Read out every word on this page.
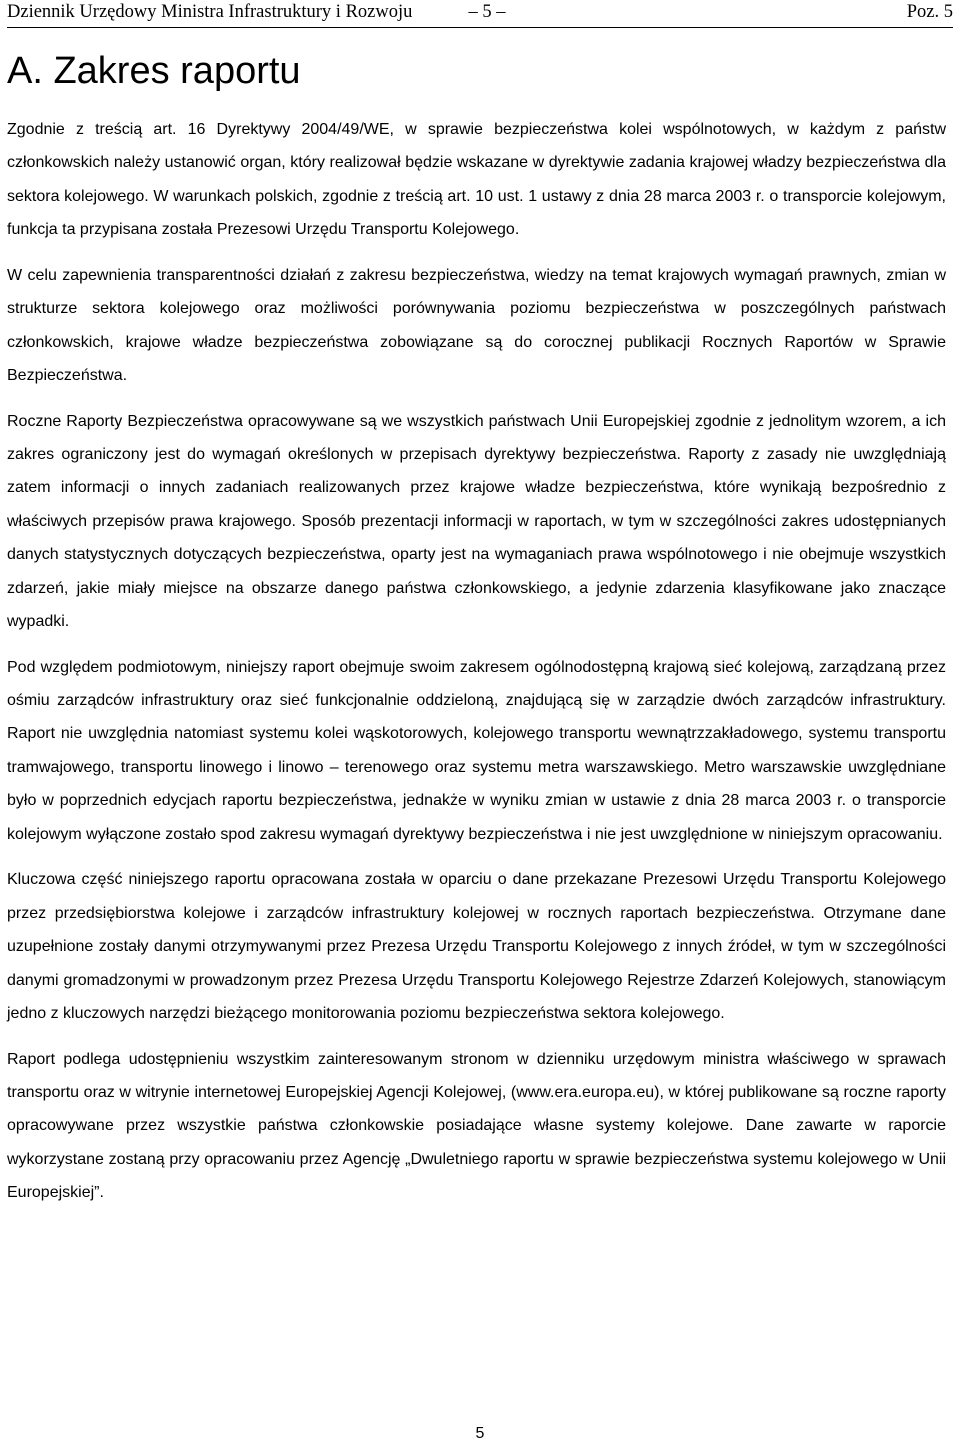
Dziennik Urzędowy Ministra Infrastruktury i Rozwoju	– 5 –	Poz. 5
A. Zakres raportu

Zgodnie z treścią art. 16 Dyrektywy 2004/49/WE, w sprawie bezpieczeństwa kolei wspólnotowych, w każdym z państw członkowskich należy ustanowić organ, który realizował będzie wskazane w dyrektywie zadania krajowej władzy bezpieczeństwa dla sektora kolejowego. W warunkach polskich, zgodnie z treścią art. 10 ust. 1 ustawy z dnia 28 marca 2003 r. o transporcie kolejowym, funkcja ta przypisana została Prezesowi Urzędu Transportu Kolejowego.

W celu zapewnienia transparentności działań z zakresu bezpieczeństwa, wiedzy na temat krajowych wymagań prawnych, zmian w strukturze sektora kolejowego oraz możliwości porównywania poziomu bezpieczeństwa w poszczególnych państwach członkowskich, krajowe władze bezpieczeństwa zobowiązane są do corocznej publikacji Rocznych Raportów w Sprawie Bezpieczeństwa.

Roczne Raporty Bezpieczeństwa opracowywane są we wszystkich państwach Unii Europejskiej zgodnie z jednolitym wzorem, a ich zakres ograniczony jest do wymagań określonych w przepisach dyrektywy bezpieczeństwa. Raporty z zasady nie uwzględniają zatem informacji o innych zadaniach realizowanych przez krajowe władze bezpieczeństwa, które wynikają bezpośrednio z właściwych przepisów prawa krajowego. Sposób prezentacji informacji w raportach, w tym w szczególności zakres udostępnianych danych statystycznych dotyczących bezpieczeństwa, oparty jest na wymaganiach prawa wspólnotowego i nie obejmuje wszystkich zdarzeń, jakie miały miejsce na obszarze danego państwa członkowskiego, a jedynie zdarzenia klasyfikowane jako znaczące wypadki.

Pod względem podmiotowym, niniejszy raport obejmuje swoim zakresem ogólnodostępną krajową sieć kolejową, zarządzaną przez ośmiu zarządców infrastruktury oraz sieć funkcjonalnie oddzieloną, znajdującą się w zarządzie dwóch zarządców infrastruktury. Raport nie uwzględnia natomiast systemu kolei wąskotorowych, kolejowego transportu wewnątrzzakładowego, systemu transportu tramwajowego, transportu linowego i linowo – terenowego oraz systemu metra warszawskiego. Metro warszawskie uwzględniane było w poprzednich edycjach raportu bezpieczeństwa, jednakże w wyniku zmian w ustawie z dnia 28 marca 2003 r. o transporcie kolejowym wyłączone zostało spod zakresu wymagań dyrektywy bezpieczeństwa i nie jest uwzględnione w niniejszym opracowaniu.

Kluczowa część niniejszego raportu opracowana została w oparciu o dane przekazane Prezesowi Urzędu Transportu Kolejowego przez przedsiębiorstwa kolejowe i zarządców infrastruktury kolejowej w rocznych raportach bezpieczeństwa. Otrzymane dane uzupełnione zostały danymi otrzymywanymi przez Prezesa Urzędu Transportu Kolejowego z innych źródeł, w tym w szczególności danymi gromadzonymi w prowadzonym przez Prezesa Urzędu Transportu Kolejowego Rejestrze Zdarzeń Kolejowych, stanowiącym jedno z kluczowych narzędzi bieżącego monitorowania poziomu bezpieczeństwa sektora kolejowego.

Raport podlega udostępnieniu wszystkim zainteresowanym stronom w dzienniku urzędowym ministra właściwego w sprawach transportu oraz w witrynie internetowej Europejskiej Agencji Kolejowej, (www.era.europa.eu), w której publikowane są roczne raporty opracowywane przez wszystkie państwa członkowskie posiadające własne systemy kolejowe. Dane zawarte w raporcie wykorzystane zostaną przy opracowaniu przez Agencję „Dwuletniego raportu w sprawie bezpieczeństwa systemu kolejowego w Unii Europejskiej”.

5
